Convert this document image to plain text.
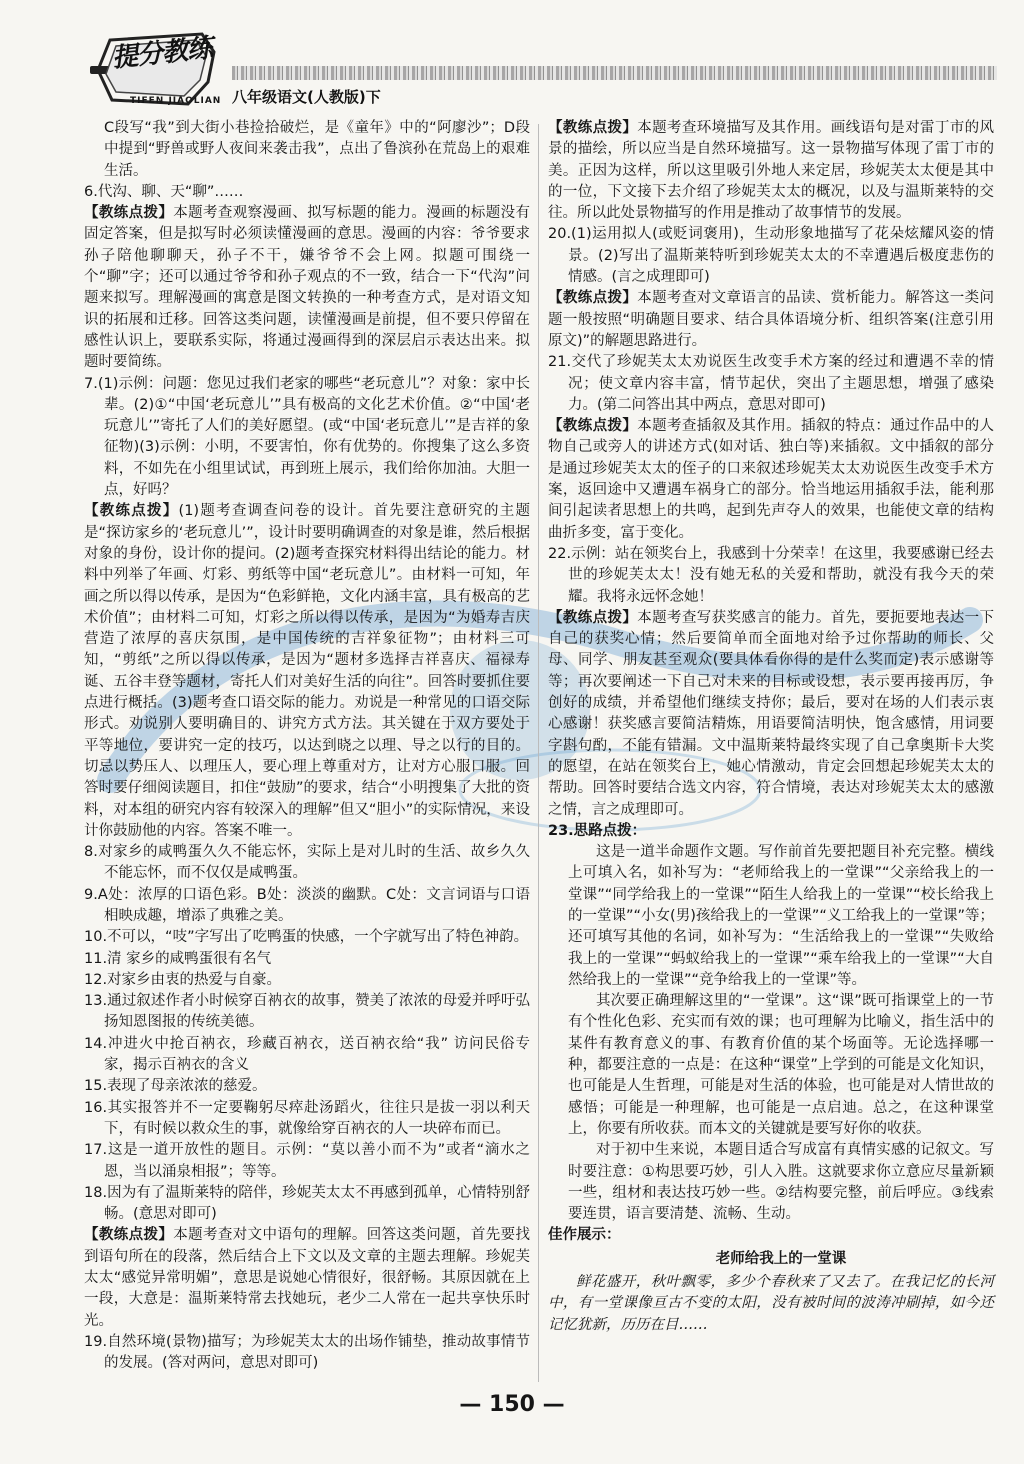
提分教练
TIFEN JIAOLIAN 八年级语文(人教版)下

C段写“我”到大街小巷捡拾破烂，是《童年》中的“阿廖沙”；D段中提到“野兽或野人夜间来袭击我”，点出了鲁滨孙在荒岛上的艰难生活。

6.代沟、聊、天“聊”……

【教练点拨】本题考查观察漫画、拟写标题的能力。漫画的标题没有固定答案，但是拟写时必须读懂漫画的意思。漫画的内容：爷爷要求孙子陪他聊聊天，孙子不干，嫌爷爷不会上网。拟题可围绕一个“聊”字；还可以通过爷爷和孙子观点的不一致，结合一下“代沟”问题来拟写。理解漫画的寓意是图文转换的一种考查方式，是对语文知识的拓展和迁移。回答这类问题，读懂漫画是前提，但不要只停留在感性认识上，要联系实际，将通过漫画得到的深层启示表达出来。拟题时要简练。

7.(1)示例：问题：您见过我们老家的哪些“老玩意儿”？对象：家中长辈。(2)①“中国‘老玩意儿’”具有极高的文化艺术价值。②“中国‘老玩意儿’”寄托了人们的美好愿望。(或“中国‘老玩意儿’”是吉祥的象征物)(3)示例：小明，不要害怕，你有优势的。你搜集了这么多资料，不如先在小组里试试，再到班上展示，我们给你加油。大胆一点，好吗？

【教练点拨】(1)题考查调查问卷的设计。首先要注意研究的主题是“探访家乡的‘老玩意儿’”，设计时要明确调查的对象是谁，然后根据对象的身份，设计你的提问。(2)题考查探究材料得出结论的能力。材料中列举了年画、灯彩、剪纸等中国“老玩意儿”。由材料一可知，年画之所以得以传承，是因为“色彩鲜艳，文化内涵丰富，具有极高的艺术价值”；由材料二可知，灯彩之所以得以传承，是因为“为婚寿吉庆营造了浓厚的喜庆氛围，是中国传统的吉祥象征物”；由材料三可知，“剪纸”之所以得以传承，是因为“题材多选择吉祥喜庆、福禄寿诞、五谷丰登等题材，寄托人们对美好生活的向往”。回答时要抓住要点进行概括。(3)题考查口语交际的能力。劝说是一种常见的口语交际形式。劝说别人要明确目的、讲究方式方法。其关键在于双方要处于平等地位，要讲究一定的技巧，以达到晓之以理、导之以行的目的。切忌以势压人、以理压人，要心理上尊重对方，让对方心服口服。回答时要仔细阅读题目，扣住“鼓励”的要求，结合“小明搜集了大批的资料，对本组的研究内容有较深入的理解”但又“胆小”的实际情况，来设计你鼓励他的内容。答案不唯一。

8.对家乡的咸鸭蛋久久不能忘怀，实际上是对儿时的生活、故乡久久不能忘怀，而不仅仅是咸鸭蛋。

9.A处：浓厚的口语色彩。B处：淡淡的幽默。C处：文言词语与口语相映成趣，增添了典雅之美。

10.不可以，“吱”字写出了吃鸭蛋的快感，一个字就写出了特色神韵。

11.清 家乡的咸鸭蛋很有名气

12.对家乡由衷的热爱与自豪。

13.通过叙述作者小时候穿百衲衣的故事，赞美了浓浓的母爱并呼吁弘扬知恩图报的传统美德。

14.冲进火中抢百衲衣，珍藏百衲衣，送百衲衣给“我” 访问民俗专家，揭示百衲衣的含义

15.表现了母亲浓浓的慈爱。

16.其实报答并不一定要鞠躬尽瘁赴汤蹈火，往往只是拔一羽以利天下，有时候以救众生的事，就像给穿百衲衣的人一块碎布而已。

17.这是一道开放性的题目。示例：“莫以善小而不为”或者“滴水之恩，当以涌泉相报”；等等。

18.因为有了温斯莱特的陪伴，珍妮芙太太不再感到孤单，心情特别舒畅。(意思对即可)

【教练点拨】本题考查对文中语句的理解。回答这类问题，首先要找到语句所在的段落，然后结合上下文以及文章的主题去理解。珍妮芙太太“感觉异常明媚”，意思是说她心情很好，很舒畅。其原因就在上一段，大意是：温斯莱特常去找她玩，老少二人常在一起共享快乐时光。

19.自然环境(景物)描写；为珍妮芙太太的出场作铺垫，推动故事情节的发展。(答对两问，意思对即可)

【教练点拨】本题考查环境描写及其作用。画线语句是对雷丁市的风景的描绘，所以应当是自然环境描写。这一景物描写体现了雷丁市的美。正因为这样，所以这里吸引外地人来定居，珍妮芙太太便是其中的一位，下文接下去介绍了珍妮芙太太的概况，以及与温斯莱特的交往。所以此处景物描写的作用是推动了故事情节的发展。

20.(1)运用拟人(或贬词褒用)，生动形象地描写了花朵炫耀风姿的情景。(2)写出了温斯莱特听到珍妮芙太太的不幸遭遇后极度悲伤的情感。(言之成理即可)

【教练点拨】本题考查对文章语言的品读、赏析能力。解答这一类问题一般按照“明确题目要求、结合具体语境分析、组织答案(注意引用原文)”的解题思路进行。

21.交代了珍妮芙太太劝说医生改变手术方案的经过和遭遇不幸的情况；使文章内容丰富，情节起伏，突出了主题思想，增强了感染力。(第二问答出其中两点，意思对即可)

【教练点拨】本题考查插叙及其作用。插叙的特点：通过作品中的人物自己或旁人的讲述方式(如对话、独白等)来插叙。文中插叙的部分是通过珍妮芙太太的侄子的口来叙述珍妮芙太太劝说医生改变手术方案，返回途中又遭遇车祸身亡的部分。恰当地运用插叙手法，能利那间引起读者思想上的共鸣，起到先声夺人的效果，也能使文章的结构曲折多变，富于变化。

22.示例：站在领奖台上，我感到十分荣幸！在这里，我要感谢已经去世的珍妮芙太太！没有她无私的关爱和帮助，就没有我今天的荣耀。我将永远怀念她！

【教练点拨】本题考查写获奖感言的能力。首先，要扼要地表达一下自己的获奖心情；然后要简单而全面地对给予过你帮助的师长、父母、同学、朋友甚至观众(要具体看你得的是什么奖而定)表示感谢等等；再次要阐述一下自己对未来的目标或设想，表示要再接再厉，争创好的成绩，并希望他们继续支持你；最后，要对在场的人们表示衷心感谢！获奖感言要简洁精炼，用语要简洁明快，饱含感情，用词要字斟句酌，不能有错漏。文中温斯莱特最终实现了自己拿奥斯卡大奖的愿望，在站在领奖台上，她心情激动，肯定会回想起珍妮芙太太的帮助。回答时要结合选文内容，符合情境，表达对珍妮芙太太的感激之情，言之成理即可。

23.思路点拨：

这是一道半命题作文题。写作前首先要把题目补充完整。横线上可填入名，如补写为：“老师给我上的一堂课”“父亲给我上的一堂课”“同学给我上的一堂课”“陌生人给我上的一堂课”“校长给我上的一堂课”“小女(男)孩给我上的一堂课”“义工给我上的一堂课”等；还可填写其他的名词，如补写为：“生活给我上的一堂课”“失败给我上的一堂课”“蚂蚁给我上的一堂课”“乘车给我上的一堂课”“大自然给我上的一堂课”“竞争给我上的一堂课”等。

其次要正确理解这里的“一堂课”。这“课”既可指课堂上的一节有个性化色彩、充实而有效的课；也可理解为比喻义，指生活中的某件有教育意义的事、有教育价值的某个场面等。无论选择哪一种，都要注意的一点是：在这种“课堂”上学到的可能是文化知识，也可能是人生哲理，可能是对生活的体验，也可能是对人情世故的感悟；可能是一种理解，也可能是一点启迪。总之，在这种课堂上，你要有所收获。而本文的关键就是要写好你的收获。

对于初中生来说，本题目适合写成富有真情实感的记叙文。写时要注意：①构思要巧妙，引人入胜。这就要求你立意应尽量新颖一些，组材和表达技巧妙一些。②结构要完整，前后呼应。③线索要连贯，语言要清楚、流畅、生动。

佳作展示：

老师给我上的一堂课

鲜花盛开，秋叶飘零，多少个春秋来了又去了。在我记忆的长河中，有一堂课像亘古不变的太阳，没有被时间的波涛冲刷掉，如今还记忆犹新，历历在目……

— 150 —
